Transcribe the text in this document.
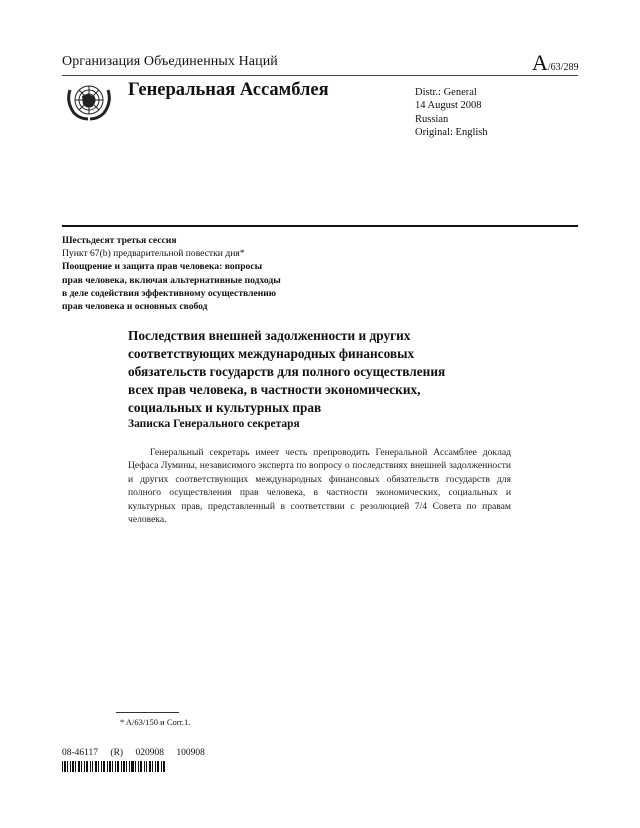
Организация Объединенных Наций	A/63/289
Генеральная Ассамблея	Distr.: General
14 August 2008
Russian
Original: English
Шестьдесят третья сессия
Пункт 67(b) предварительной повестки дня*
Поощрение и защита прав человека: вопросы
прав человека, включая альтернативные подходы
в деле содействия эффективному осуществлению
прав человека и основных свобод
Последствия внешней задолженности и других
соответствующих международных финансовых
обязательств государств для полного осуществления
всех прав человека, в частности экономических,
социальных и культурных прав
Записка Генерального секретаря
Генеральный секретарь имеет честь препроводить Генеральной Ассамблее доклад Цефаса Лумины, независимого эксперта по вопросу о последствиях внешней задолженности и других соответствующих международных финансовых обязательств государств для полного осуществления прав человека, в частности экономических, социальных и культурных прав, представленный в соответствии с резолюцией 7/4 Совета по правам человека.
* A/63/150 и Corr.1.
08-46117 (R) 020908 100908
